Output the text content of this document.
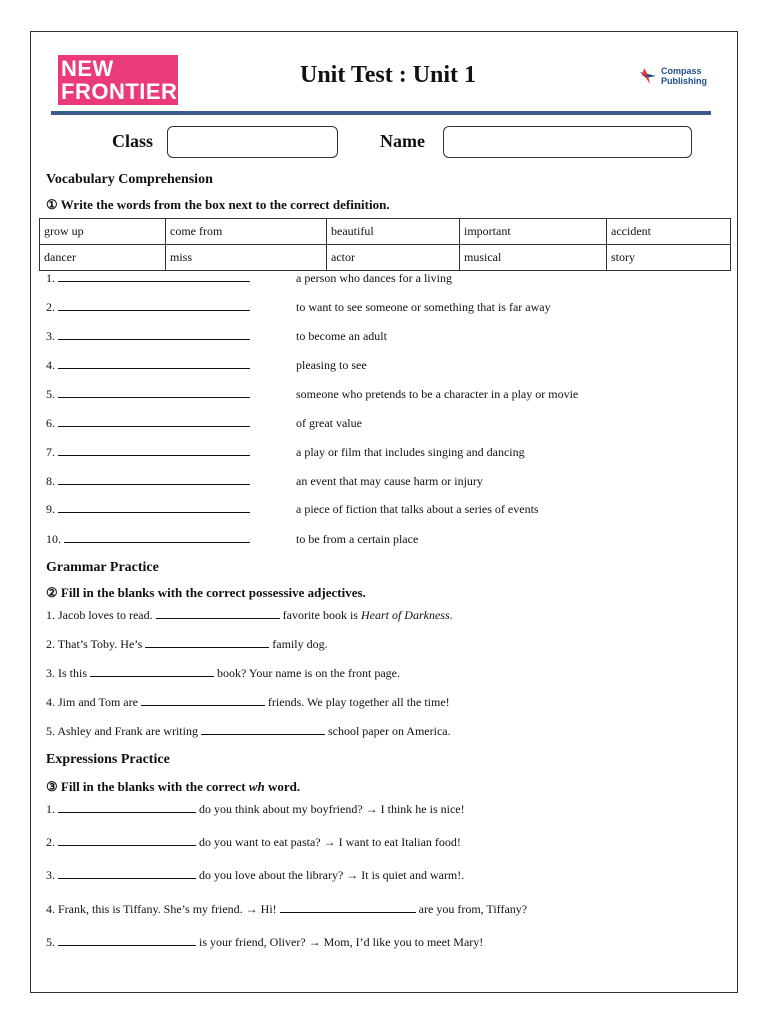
NEW
FRONTIERS
Unit Test : Unit 1	Compass
Publishing
Class	Name
Vocabulary Comprehension
① Write the words from the box next to the correct definition.
grow up	come from	beautiful	important	accident
dancer	miss	actor	musical	story
1.	a person who dances for a living
2.	to want to see someone or something that is far away
3.	to become an adult
4.	pleasing to see
5.	someone who pretends to be a character in a play or movie
6.	of great value
7.	a play or film that includes singing and dancing
8.	an event that may cause harm or injury
9.	a piece of fiction that talks about a series of events
10.	to be from a certain place
Grammar Practice
② Fill in the blanks with the correct possessive adjectives.
1. Jacob loves to read.	favorite book is Heart of Darkness.
2. That’s Toby. He’s	family dog.
3. Is this	book? Your name is on the front page.
4. Jim and Tom are	friends. We play together all the time!
5. Ashley and Frank are writing	school paper on America.
Expressions Practice
③ Fill in the blanks with the correct wh word.
1.	do you think about my boyfriend? → I think he is nice!
2.	do you want to eat pasta? → I want to eat Italian food!
3.	do you love about the library? → It is quiet and warm!.
4. Frank, this is Tiffany. She’s my friend. → Hi!	are you from, Tiffany?
5.	is your friend, Oliver? → Mom, I’d like you to meet Mary!
